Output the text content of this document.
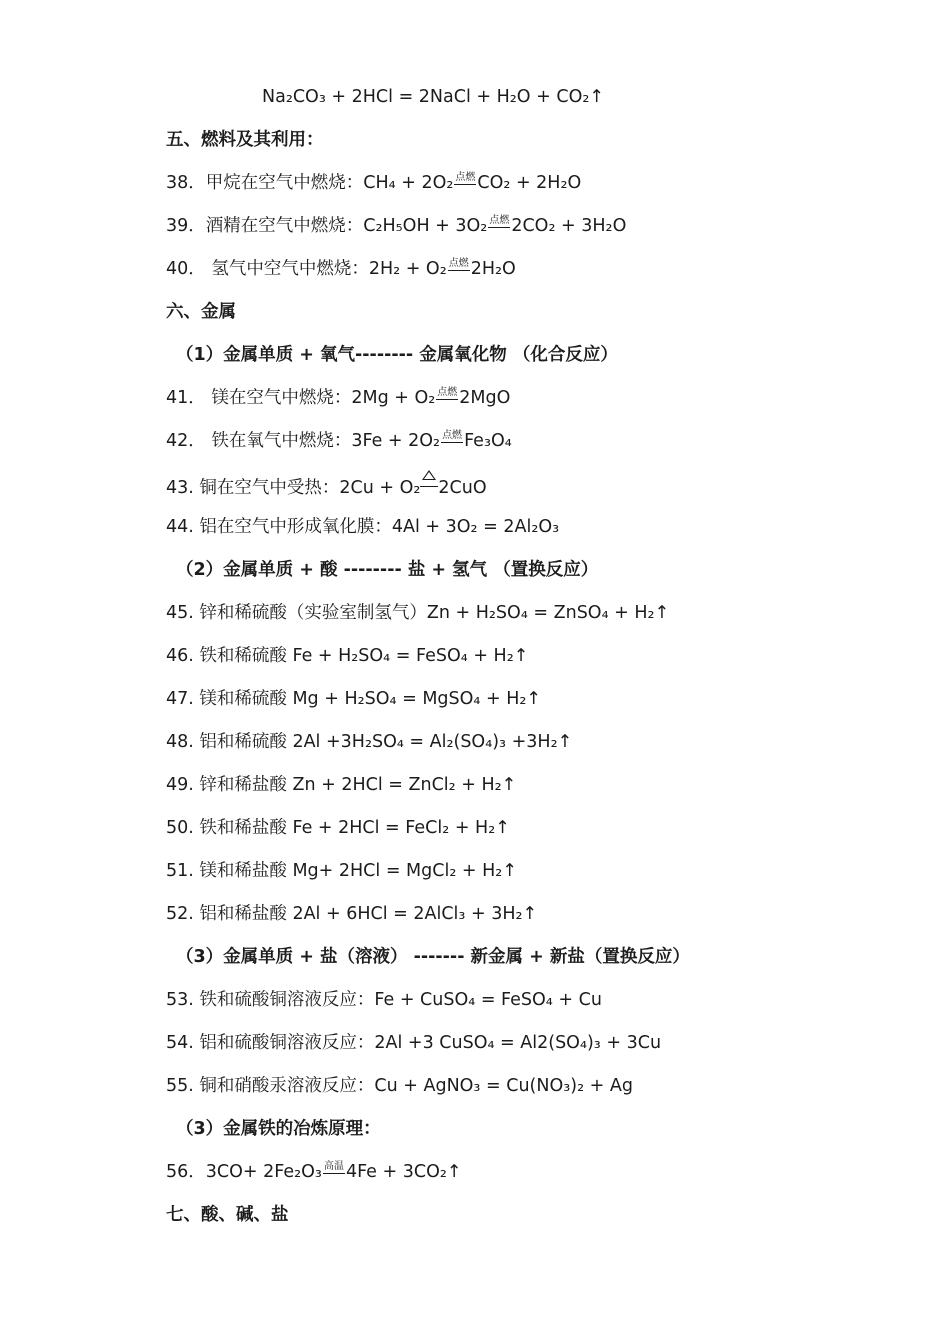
Na₂CO₃ + 2HCl = 2NaCl + H₂O + CO₂↑
五、燃料及其利用：
38．甲烷在空气中燃烧：CH₄ + 2O₂ 点燃 CO₂ + 2H₂O
39．酒精在空气中燃烧：C₂H₅OH + 3O₂ 点燃 2CO₂ + 3H₂O
40． 氢气中空气中燃烧：2H₂ + O₂ 点燃 2H₂O
六、金属
（1）金属单质 + 氧气-------- 金属氧化物 （化合反应）
41． 镁在空气中燃烧：2Mg + O₂ 点燃 2MgO
42． 铁在氧气中燃烧：3Fe + 2O₂ 点燃 Fe₃O₄
43. 铜在空气中受热：2Cu + O₂ 2CuO
44. 铝在空气中形成氧化膜：4Al + 3O₂ = 2Al₂O₃
（2）金属单质 + 酸 -------- 盐 + 氢气 （置换反应）
45. 锌和稀硫酸（实验室制氢气）Zn + H₂SO₄ = ZnSO₄ + H₂↑
46. 铁和稀硫酸 Fe + H₂SO₄ = FeSO₄ + H₂↑
47. 镁和稀硫酸 Mg + H₂SO₄ = MgSO₄ + H₂↑
48. 铝和稀硫酸 2Al +3H₂SO₄ = Al₂(SO₄)₃ +3H₂↑
49. 锌和稀盐酸 Zn + 2HCl = ZnCl₂ + H₂↑
50. 铁和稀盐酸 Fe + 2HCl = FeCl₂ + H₂↑
51. 镁和稀盐酸 Mg+ 2HCl = MgCl₂ + H₂↑
52. 铝和稀盐酸 2Al + 6HCl = 2AlCl₃ + 3H₂↑
（3）金属单质 + 盐（溶液） ------- 新金属 + 新盐（置换反应）
53. 铁和硫酸铜溶液反应：Fe + CuSO₄ = FeSO₄ + Cu
54. 铝和硫酸铜溶液反应：2Al +3 CuSO₄ = Al2(SO₄)₃ + 3Cu
55. 铜和硝酸汞溶液反应：Cu + AgNO₃ = Cu(NO₃)₂ + Ag
（3）金属铁的冶炼原理：
56．3CO+ 2Fe₂O₃ 高温 4Fe + 3CO₂↑
七、酸、碱、盐
